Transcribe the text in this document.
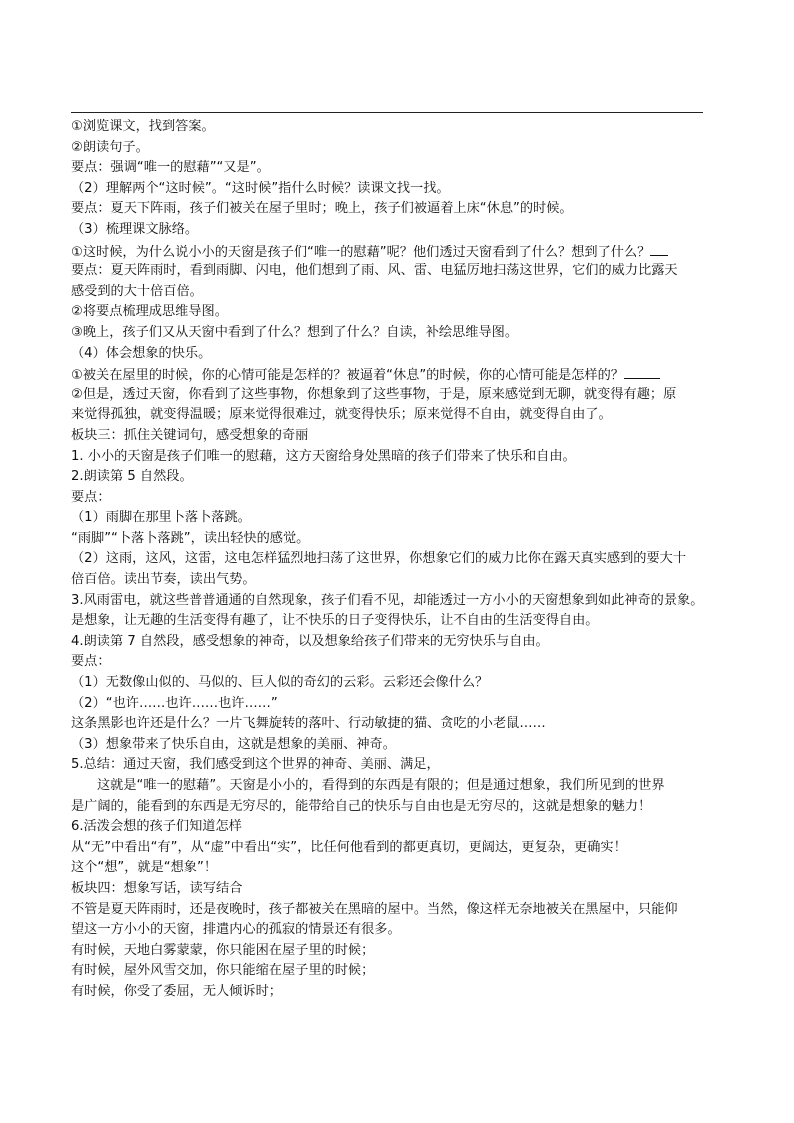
①浏览课文，找到答案。
②朗读句子。
要点：强调“唯一的慰藉”“又是”。
（2）理解两个“这时候”。“这时候”指什么时候？读课文找一找。
要点：夏天下阵雨，孩子们被关在屋子里时；晚上，孩子们被逼着上床“休息”的时候。
（3）梳理课文脉络。
①这时候，为什么说小小的天窗是孩子们“唯一的慰藉”呢？他们透过天窗看到了什么？想到了什么？
要点：夏天阵雨时，看到雨脚、闪电，他们想到了雨、风、雷、电猛厉地扫荡这世界，它们的威力比露天
感受到的大十倍百倍。
②将要点梳理成思维导图。
③晚上，孩子们又从天窗中看到了什么？想到了什么？自读，补绘思维导图。
（4）体会想象的快乐。
①被关在屋里的时候，你的心情可能是怎样的？被逼着“休息”的时候，你的心情可能是怎样的？
②但是，透过天窗，你看到了这些事物，你想象到了这些事物，于是，原来感觉到无聊，就变得有趣；原
来觉得孤独，就变得温暖；原来觉得很难过，就变得快乐；原来觉得不自由，就变得自由了。
板块三：抓住关键词句，感受想象的奇丽
1. 小小的天窗是孩子们唯一的慰藉，这方天窗给身处黑暗的孩子们带来了快乐和自由。
2.朗读第 5 自然段。
要点：
（1）雨脚在那里卜落卜落跳。
“雨脚”“卜落卜落跳”，读出轻快的感觉。
（2）这雨，这风，这雷，这电怎样猛烈地扫荡了这世界，你想象它们的威力比你在露天真实感到的要大十
倍百倍。读出节奏，读出气势。
3.风雨雷电，就这些普普通通的自然现象，孩子们看不见，却能透过一方小小的天窗想象到如此神奇的景象。
是想象，让无趣的生活变得有趣了，让不快乐的日子变得快乐，让不自由的生活变得自由。
4.朗读第 7 自然段，感受想象的神奇，以及想象给孩子们带来的无穷快乐与自由。
要点：
（1）无数像山似的、马似的、巨人似的奇幻的云彩。云彩还会像什么？
（2）“也许……也许……也许……”
这条黑影也许还是什么？一片飞舞旋转的落叶、行动敏捷的猫、贪吃的小老鼠……
（3）想象带来了快乐自由，这就是想象的美丽、神奇。
5.总结：通过天窗，我们感受到这个世界的神奇、美丽、满足，
这就是“唯一的慰藉”。天窗是小小的，看得到的东西是有限的；但是通过想象，我们所见到的世界
是广阔的，能看到的东西是无穷尽的，能带给自己的快乐与自由也是无穷尽的，这就是想象的魅力！
6.活泼会想的孩子们知道怎样
从“无”中看出“有”，从“虚”中看出“实”，比任何他看到的都更真切，更阔达，更复杂，更确实！
这个“想”，就是“想象”！
板块四：想象写话，读写结合
不管是夏天阵雨时，还是夜晚时，孩子都被关在黑暗的屋中。当然，像这样无奈地被关在黑屋中，只能仰
望这一方小小的天窗，排遣内心的孤寂的情景还有很多。
有时候，天地白雾蒙蒙，你只能困在屋子里的时候；
有时候，屋外风雪交加，你只能缩在屋子里的时候；
有时候，你受了委屈，无人倾诉时；
